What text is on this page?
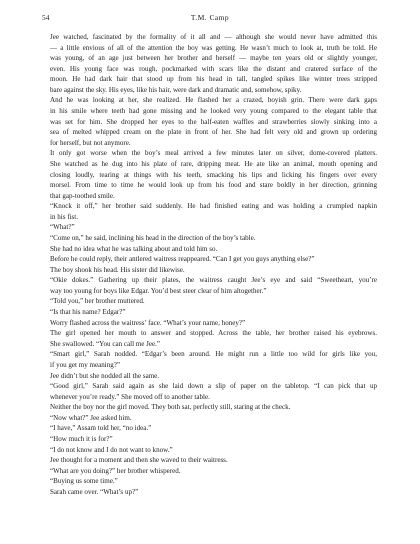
54	T.M. Camp

Jee watched, fascinated by the formality of it all and — although she would never have admitted this
— a little envious of all of the attention the boy was getting. He wasn’t much to look at, truth be told. He
was young, of an age just between her brother and herself — maybe ten years old or slightly younger,
even. His young face was rough, pockmarked with scars like the distant and cratered surface of the
moon. He had dark hair that stood up from his head in tall, tangled spikes like winter trees stripped
bare against the sky. His eyes, like his hair, were dark and dramatic and, somehow, spiky.

And he was looking at her, she realized. He flashed her a crazed, boyish grin. There were dark gaps
in his smile where teeth had gone missing and he looked very young compared to the elegant table that
was set for him. She dropped her eyes to the half-eaten waffles and strawberries slowly sinking into a
sea of melted whipped cream on the plate in front of her. She had felt very old and grown up ordering
for herself, but not anymore.

It only got worse when the boy’s meal arrived a few minutes later on silver, dome-covered platters.
She watched as he dug into his plate of rare, dripping meat. He ate like an animal, mouth opening and
closing loudly, tearing at things with his teeth, smacking his lips and licking his fingers over every
morsel. From time to time he would look up from his food and stare boldly in her direction, grinning
that gap-toothed smile.

“Knock it off,” her brother said suddenly. He had finished eating and was holding a crumpled napkin
in his fist.

“What?”

“Come on,” he said, inclining his head in the direction of the boy’s table.

She had no idea what he was talking about and told him so.

Before he could reply, their antlered waitress reappeared. “Can I get you guys anything else?”

The boy shook his head. His sister did likewise.

“Okie dokes.” Gathering up their plates, the waitress caught Jee’s eye and said “Sweetheart, you’re
way too young for boys like Edgar. You’d best steer clear of him altogether.”

“Told you,” her brother muttered.

“Is that his name? Edgar?”

Worry flashed across the waitress’ face. “What’s your name, honey?”

The girl opened her mouth to answer and stopped. Across the table, her brother raised his eyebrows.
She swallowed. “You can call me Jee.”

“Smart girl,” Sarah nodded. “Edgar’s been around. He might run a little too wild for girls like you,
if you get my meaning?”

Jee didn’t but she nodded all the same.

“Good girl,” Sarah said again as she laid down a slip of paper on the tabletop. “I can pick that up
whenever you’re ready.” She moved off to another table.

Neither the boy nor the girl moved. They both sat, perfectly still, staring at the check.

“Now what?” Jee asked him.

“I have,” Assam told her, “no idea.”

“How much it is for?”

“I do not know and I do not want to know.”

Jee thought for a moment and then she waved to their waitress.

“What are you doing?” her brother whispered.

“Buying us some time.”

Sarah came over. “What’s up?”
